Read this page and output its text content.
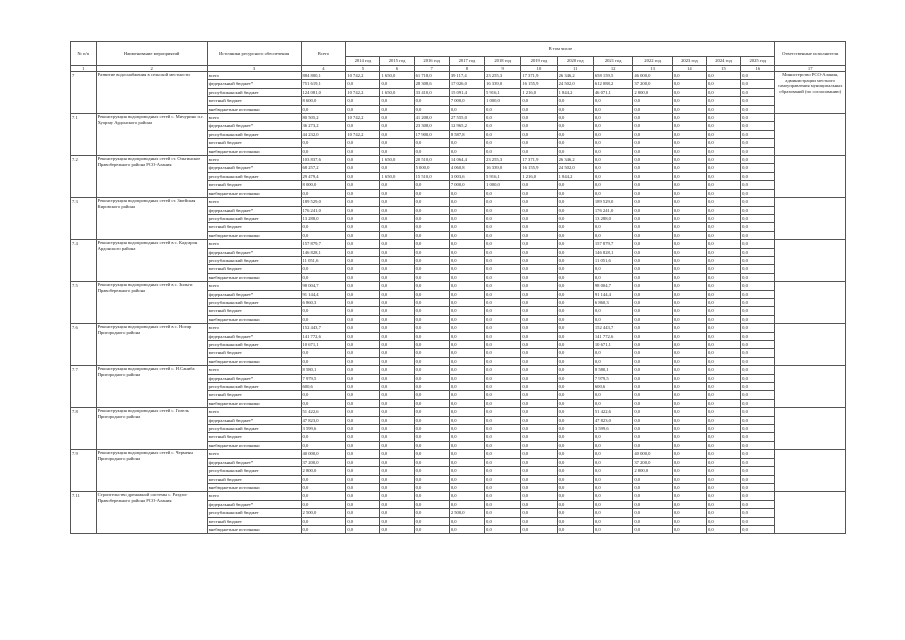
№ п/п	Наименование мероприятий	Источники ресурсного обеспечения	Всего	В том числе												Ответственные исполнители
				2014 год	2015 год	2016 год	2017 год	2018 год	2019 год	2020 год	2021 год	2022 год	2023 год	2024 год	2025 год	
1	2	3	4	5	6	7	8	9	10	11	12	13	14	15	16	17
7	Развитие водоснабжения в сельской местности	всего	884 800,1	10 742,2	1 650,0	61 718,0	39 117,4	23 255,3	17 371,9	26 346,2	658 159,5	46 000,0	0,0	0,0	0,0	Министерство РСО-Алания, администрации местного самоуправления муниципальных образований (по согласованию)
		федеральный бюджет*	751 619,1	0,0	0,0	28 308,6	17 026,0	16 339,0	16 155,9	24 502,0	612 088,2	37 200,0	0,0	0,0	0,0	
		республиканский бюджет	124 081,0	10 742,2	1 650,0	33 410,0	15 091,4	5 916,1	1 216,0	1 844,2	46 071,1	2 800,0	0,0	0,0	0,0	
		местный бюджет	8 600,0	0,0	0,0	0,0	7 000,0	1 000,0	0,0	0,0	0,0	0,0	0,0	0,0	0,0	
		внебюджетные источники	0,0	0,0	0,0	0,0	0,0	0,0	0,0	0,0	0,0	0,0	0,0	0,0	0,0	
7.1	Реконструкция водопроводных сетей с. Мичурино п.г. Хуарзау Ардонского района	всего	80 505,2	10 742,2	0,0	41 208,0	27 555,0	0,0	0,0	0,0	0,0	0,0	0,0	0,0	0,0	
		федеральный бюджет*	36 273,2	0,0	0,0	23 308,0	12 965,2	0,0	0,0	0,0	0,0	0,0	0,0	0,0	0,0	
		республиканский бюджет	44 232,0	10 742,2	0,0	17 900,0	8 587,8	0,0	0,0	0,0	0,0	0,0	0,0	0,0	0,0	
		местный бюджет	0,0	0,0	0,0	0,0	0,0	0,0	0,0	0,0	0,0	0,0	0,0	0,0	0,0	
		внебюджетные источники	0,0	0,0	0,0	0,0	0,0	0,0	0,0	0,0	0,0	0,0	0,0	0,0	0,0	
7.2	Реконструкция водопроводных сетей ст. Ольгинское Правобережного района РСО-Алания	всего	103 837,6	0,0	1 650,0	20 510,0	14 064,4	23 255,3	17 371,9	26 346,2	0,0	0,0	0,0	0,0	0,0	
		федеральный бюджет*	68 257,2	0,0	0,0	5 000,0	4 060,8	16 339,0	16 155,9	24 502,0	0,0	0,0	0,0	0,0	0,0	
		республиканский бюджет	29 479,4	0,0	1 650,0	15 510,0	3 003,6	5 916,1	1 216,0	1 844,2	0,0	0,0	0,0	0,0	0,0	
		местный бюджет	8 000,0	0,0	0,0	0,0	7 000,0	1 000,0	0,0	0,0	0,0	0,0	0,0	0,0	0,0	
		внебюджетные источники	0,0	0,0	0,0	0,0	0,0	0,0	0,0	0,0	0,0	0,0	0,0	0,0	0,0	
7.3	Реконструкция водопроводных сетей ст. Змейская Кировского района	всего	189 529,0	0,0	0,0	0,0	0,0	0,0	0,0	0,0	189 529,0	0,0	0,0	0,0	0,0	
		федеральный бюджет*	176 241,0	0,0	0,0	0,0	0,0	0,0	0,0	0,0	176 241,0	0,0	0,0	0,0	0,0	
		республиканский бюджет	13 288,0	0,0	0,0	0,0	0,0	0,0	0,0	0,0	13 288,0	0,0	0,0	0,0	0,0	
		местный бюджет	0,0	0,0	0,0	0,0	0,0	0,0	0,0	0,0	0,0	0,0	0,0	0,0	0,0	
		внебюджетные источники	0,0	0,0	0,0	0,0	0,0	0,0	0,0	0,0	0,0	0,0	0,0	0,0	0,0	
7.4	Реконструкция водопроводных сетей в с. Кадгарон Ардонского района	всего	157 879,7	0,0	0,0	0,0	0,0	0,0	0,0	0,0	157 879,7	0,0	0,0	0,0	0,0	
		федеральный бюджет*	146 828,1	0,0	0,0	0,0	0,0	0,0	0,0	0,0	146 828,1	0,0	0,0	0,0	0,0	
		республиканский бюджет	11 051,6	0,0	0,0	0,0	0,0	0,0	0,0	0,0	11 051,6	0,0	0,0	0,0	0,0	
		местный бюджет	0,0	0,0	0,0	0,0	0,0	0,0	0,0	0,0	0,0	0,0	0,0	0,0	0,0	
		внебюджетные источники	0,0	0,0	0,0	0,0	0,0	0,0	0,0	0,0	0,0	0,0	0,0	0,0	0,0	
7.5	Реконструкция водопроводных сетей в с. Зильги Правобережного района	всего	98 004,7	0,0	0,0	0,0	0,0	0,0	0,0	0,0	98 004,7	0,0	0,0	0,0	0,0	
		федеральный бюджет*	91 144,4	0,0	0,0	0,0	0,0	0,0	0,0	0,0	91 144,4	0,0	0,0	0,0	0,0	
		республиканский бюджет	6 860,3	0,0	0,0	0,0	0,0	0,0	0,0	0,0	6 860,3	0,0	0,0	0,0	0,0	
		местный бюджет	0,0	0,0	0,0	0,0	0,0	0,0	0,0	0,0	0,0	0,0	0,0	0,0	0,0	
		внебюджетные источники	0,0	0,0	0,0	0,0	0,0	0,0	0,0	0,0	0,0	0,0	0,0	0,0	0,0	
7.6	Реконструкция водопроводных сетей в с. Ногир Пригородного района	всего	152 443,7	0,0	0,0	0,0	0,0	0,0	0,0	0,0	152 443,7	0,0	0,0	0,0	0,0	
		федеральный бюджет*	141 772,6	0,0	0,0	0,0	0,0	0,0	0,0	0,0	141 772,6	0,0	0,0	0,0	0,0	
		республиканский бюджет	10 671,1	0,0	0,0	0,0	0,0	0,0	0,0	0,0	10 671,1	0,0	0,0	0,0	0,0	
		местный бюджет	0,0	0,0	0,0	0,0	0,0	0,0	0,0	0,0	0,0	0,0	0,0	0,0	0,0	
		внебюджетные источники	0,0	0,0	0,0	0,0	0,0	0,0	0,0	0,0	0,0	0,0	0,0	0,0	0,0	
7.7	Реконструкция водопроводных сетей с. Н.Саниба Пригородного района	всего	8 580,1	0,0	0,0	0,0	0,0	0,0	0,0	0,0	8 580,1	0,0	0,0	0,0	0,0	
		федеральный бюджет*	7 979,5	0,0	0,0	0,0	0,0	0,0	0,0	0,0	7 979,5	0,0	0,0	0,0	0,0	
		республиканский бюджет	600,6	0,0	0,0	0,0	0,0	0,0	0,0	0,0	600,6	0,0	0,0	0,0	0,0	
		местный бюджет	0,0	0,0	0,0	0,0	0,0	0,0	0,0	0,0	0,0	0,0	0,0	0,0	0,0	
		внебюджетные источники	0,0	0,0	0,0	0,0	0,0	0,0	0,0	0,0	0,0	0,0	0,0	0,0	0,0	
7.8	Реконструкция водопроводных сетей с. Гизель Пригородного района	всего	51 422,6	0,0	0,0	0,0	0,0	0,0	0,0	0,0	51 422,6	0,0	0,0	0,0	0,0	
		федеральный бюджет*	47 823,0	0,0	0,0	0,0	0,0	0,0	0,0	0,0	47 823,0	0,0	0,0	0,0	0,0	
		республиканский бюджет	3 599,6	0,0	0,0	0,0	0,0	0,0	0,0	0,0	3 599,6	0,0	0,0	0,0	0,0	
		местный бюджет	0,0	0,0	0,0	0,0	0,0	0,0	0,0	0,0	0,0	0,0	0,0	0,0	0,0	
		внебюджетные источники	0,0	0,0	0,0	0,0	0,0	0,0	0,0	0,0	0,0	0,0	0,0	0,0	0,0	
7.9	Реконструкция водопроводных сетей с. Черменн Пригородного района	всего	40 000,0	0,0	0,0	0,0	0,0	0,0	0,0	0,0	0,0	40 000,0	0,0	0,0	0,0	
		федеральный бюджет*	37 200,0	0,0	0,0	0,0	0,0	0,0	0,0	0,0	0,0	37 200,0	0,0	0,0	0,0	
		республиканский бюджет	2 800,0	0,0	0,0	0,0	0,0	0,0	0,0	0,0	0,0	2 800,0	0,0	0,0	0,0	
		местный бюджет	0,0	0,0	0,0	0,0	0,0	0,0	0,0	0,0	0,0	0,0	0,0	0,0	0,0	
		внебюджетные источники	0,0	0,0	0,0	0,0	0,0	0,0	0,0	0,0	0,0	0,0	0,0	0,0	0,0	
7.11	Строительство дренажной системы с. Раздзог Правобережного района РСО-Алания	всего	0,0	0,0	0,0	0,0	0,0	0,0	0,0	0,0	0,0	0,0	0,0	0,0	0,0	
		федеральный бюджет*	0,0	0,0	0,0	0,0	0,0	0,0	0,0	0,0	0,0	0,0	0,0	0,0	0,0	
		республиканский бюджет	2 500,0	0,0	0,0	0,0	2 500,0	0,0	0,0	0,0	0,0	0,0	0,0	0,0	0,0	
		местный бюджет	0,0	0,0	0,0	0,0	0,0	0,0	0,0	0,0	0,0	0,0	0,0	0,0	0,0	
		внебюджетные источники	0,0	0,0	0,0	0,0	0,0	0,0	0,0	0,0	0,0	0,0	0,0	0,0	0,0	
